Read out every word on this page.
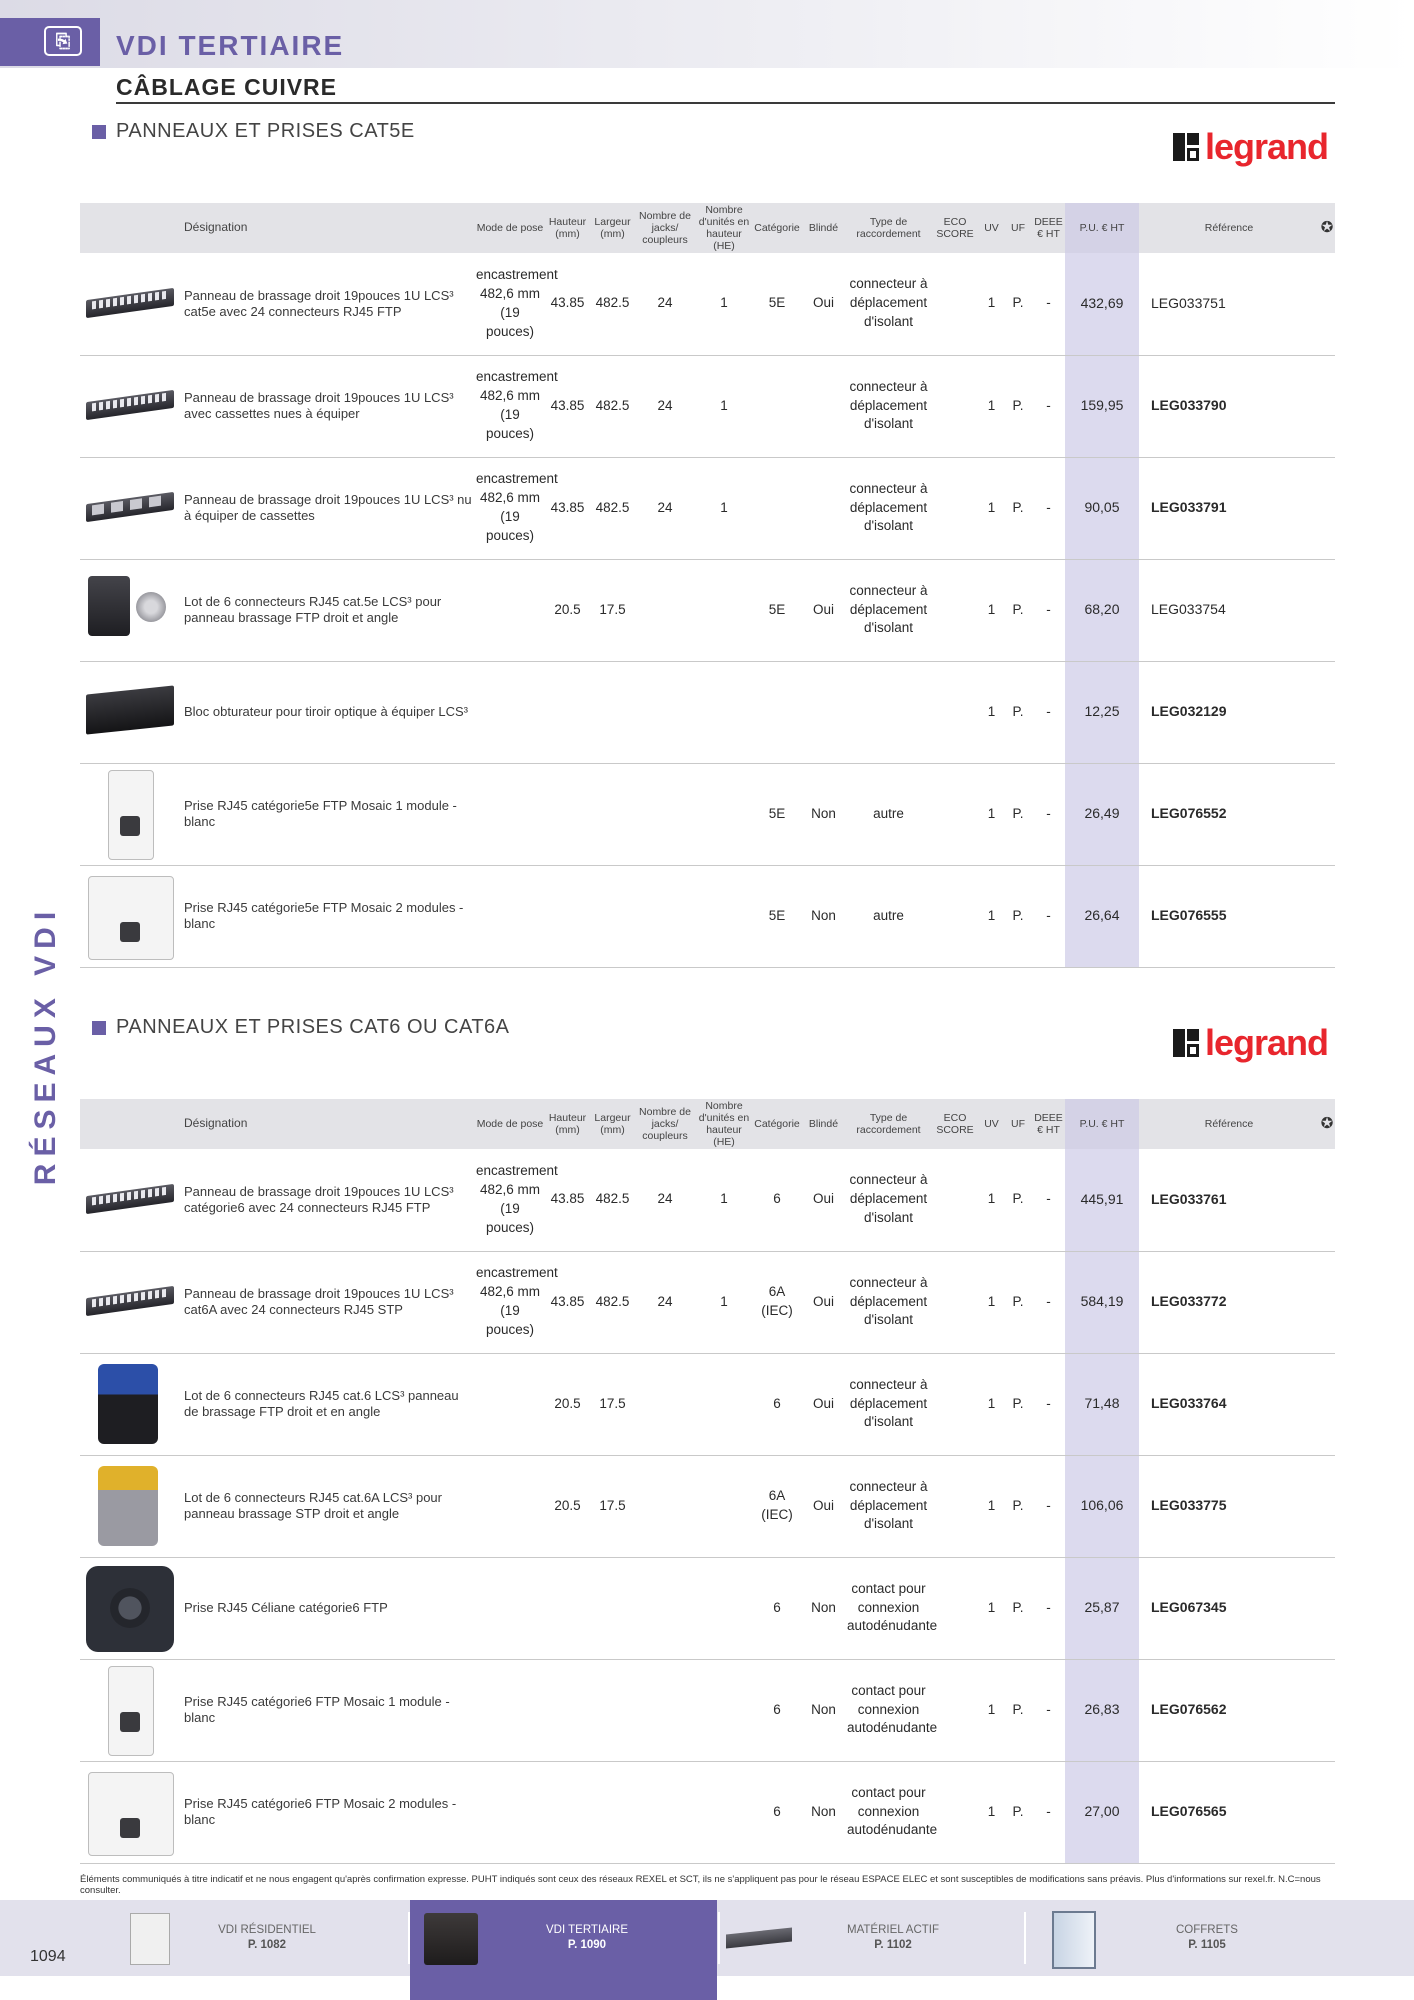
⎘	VDI TERTIAIRE
CÂBLAGE CUIVRE
RÉSEAUX VDI
PANNEAUX ET PRISES CAT5E	legrand
	Désignation	Mode de pose	Hauteur (mm)	Largeur (mm)	Nombre de jacks/ coupleurs	Nombre d'unités en hauteur (HE)	Catégorie	Blindé	Type de raccordement	ECO SCORE	UV	UF	DEEE € HT	P.U. € HT	Référence	✪

	Panneau de brassage droit 19pouces 1U LCS³ cat5e avec 24 connecteurs RJ45 FTP	encastrement 482,6 mm (19 pouces)	43.85	482.5	24	1	5E	Oui	connecteur à déplacement d'isolant		1	P.	-	432,69	LEG033751	

	Panneau de brassage droit 19pouces 1U LCS³ avec cassettes nues à équiper	encastrement 482,6 mm (19 pouces)	43.85	482.5	24	1			connecteur à déplacement d'isolant		1	P.	-	159,95	LEG033790	

	Panneau de brassage droit 19pouces 1U LCS³ nu à équiper de cassettes	encastrement 482,6 mm (19 pouces)	43.85	482.5	24	1			connecteur à déplacement d'isolant		1	P.	-	90,05	LEG033791	

	Lot de 6 connecteurs RJ45 cat.5e LCS³ pour panneau brassage FTP droit et angle		20.5	17.5			5E	Oui	connecteur à déplacement d'isolant		1	P.	-	68,20	LEG033754	

	Bloc obturateur pour tiroir optique à équiper LCS³										1	P.	-	12,25	LEG032129	

	Prise RJ45 catégorie5e FTP Mosaic 1 module - blanc						5E	Non	autre		1	P.	-	26,49	LEG076552	

	Prise RJ45 catégorie5e FTP Mosaic 2 modules - blanc						5E	Non	autre		1	P.	-	26,64	LEG076555	
PANNEAUX ET PRISES CAT6 OU CAT6A	legrand
	Désignation	Mode de pose	Hauteur (mm)	Largeur (mm)	Nombre de jacks/ coupleurs	Nombre d'unités en hauteur (HE)	Catégorie	Blindé	Type de raccordement	ECO SCORE	UV	UF	DEEE € HT	P.U. € HT	Référence	✪

	Panneau de brassage droit 19pouces 1U LCS³ catégorie6 avec 24 connecteurs RJ45 FTP	encastrement 482,6 mm (19 pouces)	43.85	482.5	24	1	6	Oui	connecteur à déplacement d'isolant		1	P.	-	445,91	LEG033761	

	Panneau de brassage droit 19pouces 1U LCS³ cat6A avec 24 connecteurs RJ45 STP	encastrement 482,6 mm (19 pouces)	43.85	482.5	24	1	6A (IEC)	Oui	connecteur à déplacement d'isolant		1	P.	-	584,19	LEG033772	

	Lot de 6 connecteurs RJ45 cat.6 LCS³ panneau de brassage FTP droit et en angle		20.5	17.5			6	Oui	connecteur à déplacement d'isolant		1	P.	-	71,48	LEG033764	

	Lot de 6 connecteurs RJ45 cat.6A LCS³ pour panneau brassage STP droit et angle		20.5	17.5			6A (IEC)	Oui	connecteur à déplacement d'isolant		1	P.	-	106,06	LEG033775	

	Prise RJ45 Céliane catégorie6 FTP						6	Non	contact pour connexion autodénudante		1	P.	-	25,87	LEG067345	

	Prise RJ45 catégorie6 FTP Mosaic 1 module - blanc						6	Non	contact pour connexion autodénudante		1	P.	-	26,83	LEG076562	

	Prise RJ45 catégorie6 FTP Mosaic 2 modules - blanc						6	Non	contact pour connexion autodénudante		1	P.	-	27,00	LEG076565	
Éléments communiqués à titre indicatif et ne nous engagent qu'après confirmation expresse. PUHT indiqués sont ceux des réseaux REXEL et SCT, ils ne s'appliquent pas pour le réseau ESPACE ELEC et sont susceptibles de modifications sans préavis. Plus d'informations sur rexel.fr. N.C=nous consulter.
1094
VDI RÉSIDENTIEL
P. 1082
VDI TERTIAIRE
P. 1090
MATÉRIEL ACTIF
P. 1102
COFFRETS
P. 1105
